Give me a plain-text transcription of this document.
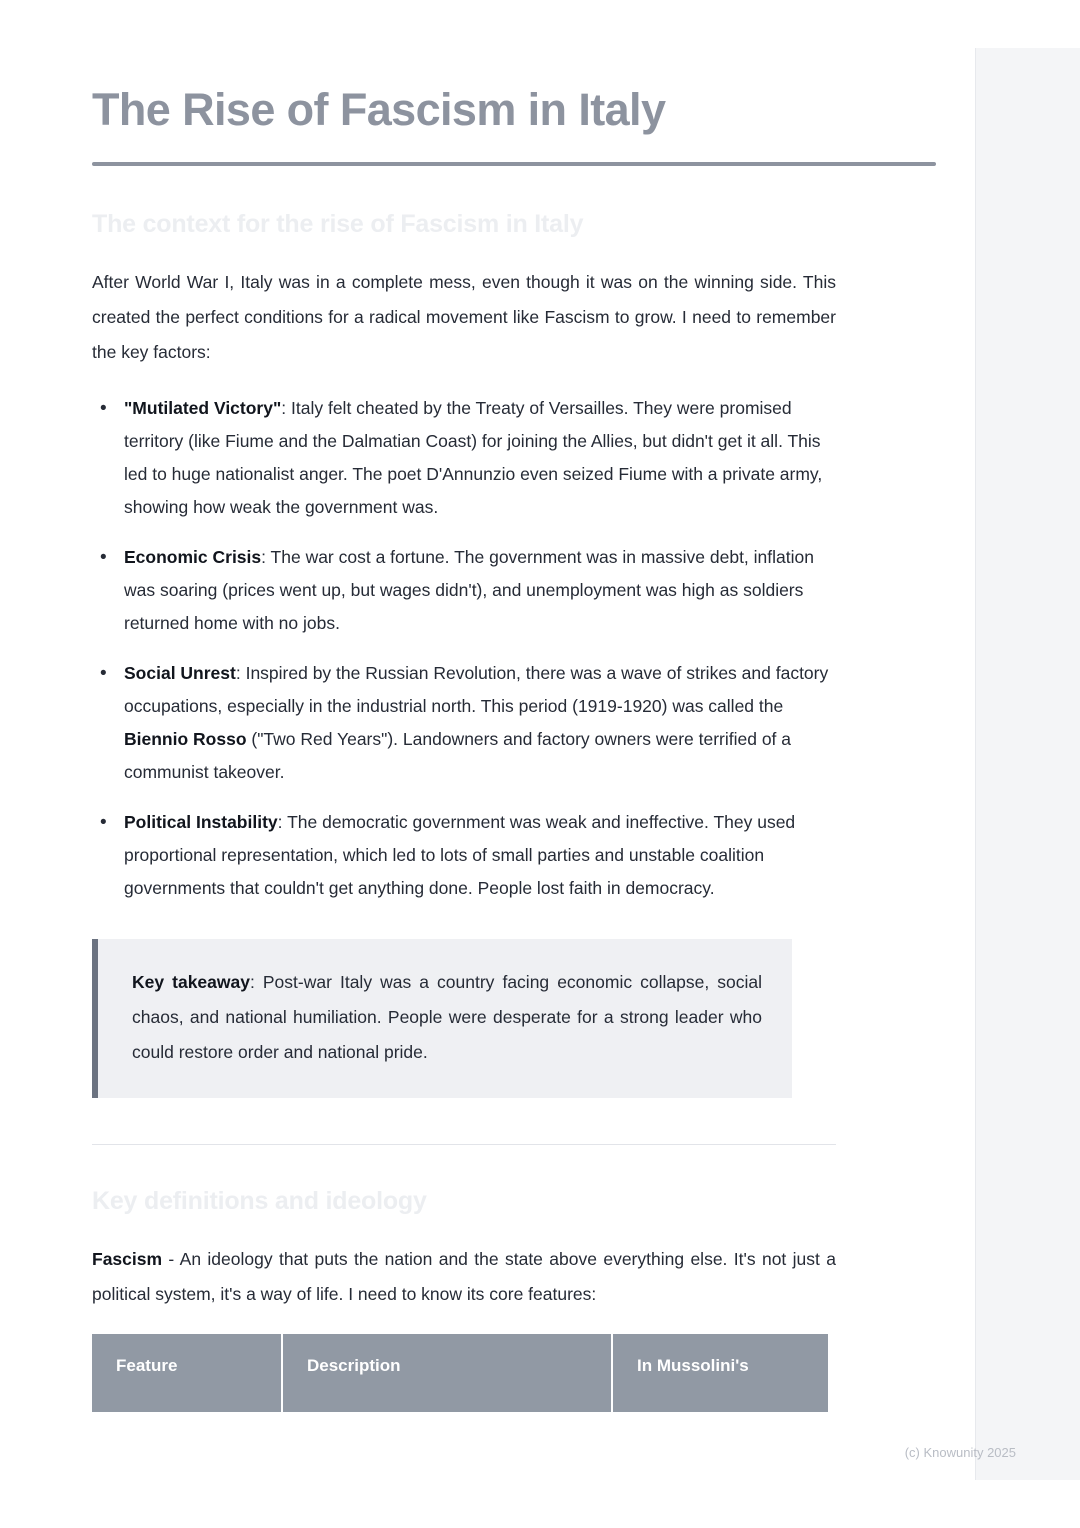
The Rise of Fascism in Italy
The context for the rise of Fascism in Italy

After World War I, Italy was in a complete mess, even though it was on the winning side. This created the perfect conditions for a radical movement like Fascism to grow. I need to remember the key factors:

• "Mutilated Victory": Italy felt cheated by the Treaty of Versailles. They were promised territory (like Fiume and the Dalmatian Coast) for joining the Allies, but didn't get it all. This led to huge nationalist anger. The poet D'Annunzio even seized Fiume with a private army, showing how weak the government was.
• Economic Crisis: The war cost a fortune. The government was in massive debt, inflation was soaring (prices went up, but wages didn't), and unemployment was high as soldiers returned home with no jobs.
• Social Unrest: Inspired by the Russian Revolution, there was a wave of strikes and factory occupations, especially in the industrial north. This period (1919-1920) was called the Biennio Rosso ("Two Red Years"). Landowners and factory owners were terrified of a communist takeover.
• Political Instability: The democratic government was weak and ineffective. They used proportional representation, which led to lots of small parties and unstable coalition governments that couldn't get anything done. People lost faith in democracy.

Key takeaway: Post-war Italy was a country facing economic collapse, social chaos, and national humiliation. People were desperate for a strong leader who could restore order and national pride.

Key definitions and ideology

Fascism - An ideology that puts the nation and the state above everything else. It's not just a political system, it's a way of life. I need to know its core features:

Feature	Description	In Mussolini's
(c) Knowunity 2025
